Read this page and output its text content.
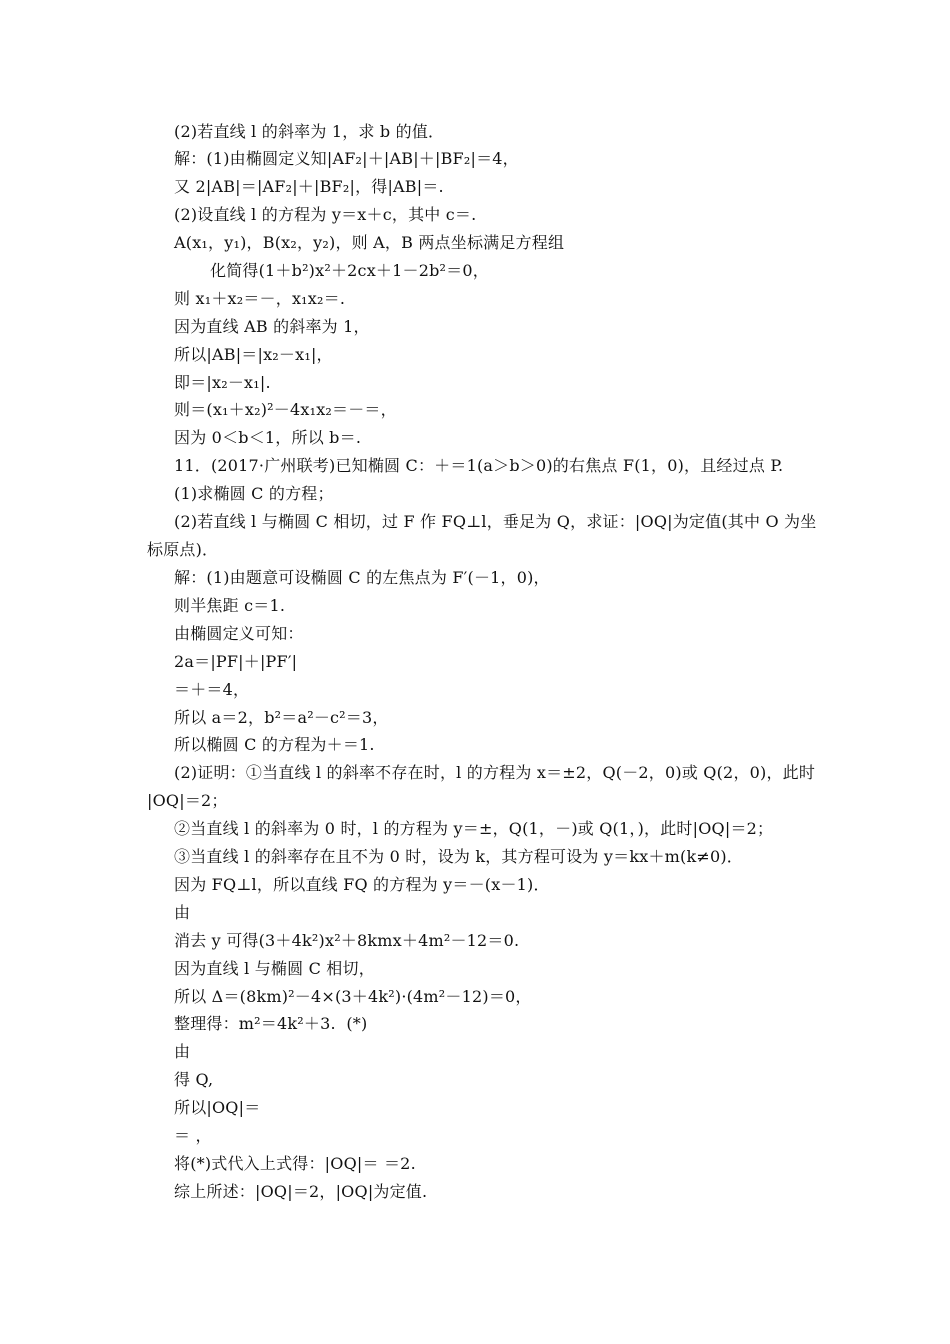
(2)若直线 l 的斜率为 1，求 b 的值．
解：(1)由椭圆定义知|AF₂|＋|AB|＋|BF₂|＝4，
又 2|AB|＝|AF₂|＋|BF₂|，得|AB|＝.
(2)设直线 l 的方程为 y＝x＋c，其中 c＝.
A(x₁，y₁)，B(x₂，y₂)，则 A，B 两点坐标满足方程组
化简得(1＋b²)x²＋2cx＋1－2b²＝0，
则 x₁＋x₂＝－，x₁x₂＝.
因为直线 AB 的斜率为 1，
所以|AB|＝|x₂－x₁|，
即＝|x₂－x₁|.
则＝(x₁＋x₂)²－4x₁x₂＝－＝，
因为 0＜b＜1，所以 b＝.
11．(2017·广州联考)已知椭圆 C：＋＝1(a＞b＞0)的右焦点 F(1，0)，且经过点 P.
(1)求椭圆 C 的方程；
(2)若直线 l 与椭圆 C 相切，过 F 作 FQ⊥l，垂足为 Q，求证：|OQ|为定值(其中 O 为坐
标原点)．
解：(1)由题意可设椭圆 C 的左焦点为 F′(－1，0)，
则半焦距 c＝1.
由椭圆定义可知：
2a＝|PF|＋|PF′|
＝＋＝4，
所以 a＝2，b²＝a²－c²＝3，
所以椭圆 C 的方程为＋＝1.
(2)证明：①当直线 l 的斜率不存在时，l 的方程为 x＝±2，Q(－2，0)或 Q(2，0)，此时
|OQ|＝2；
②当直线 l 的斜率为 0 时，l 的方程为 y＝±，Q(1，－)或 Q(1，)，此时|OQ|＝2；
③当直线 l 的斜率存在且不为 0 时，设为 k，其方程可设为 y＝kx＋m(k≠0)．
因为 FQ⊥l，所以直线 FQ 的方程为 y＝－(x－1)．
由
消去 y 可得(3＋4k²)x²＋8kmx＋4m²－12＝0.
因为直线 l 与椭圆 C 相切，
所以 Δ＝(8km)²－4×(3＋4k²)·(4m²－12)＝0，
整理得：m²＝4k²＋3.  (*)
由
得 Q,
所以|OQ|＝
＝ ，
将(*)式代入上式得：|OQ|＝ ＝2.
综上所述：|OQ|＝2，|OQ|为定值.
